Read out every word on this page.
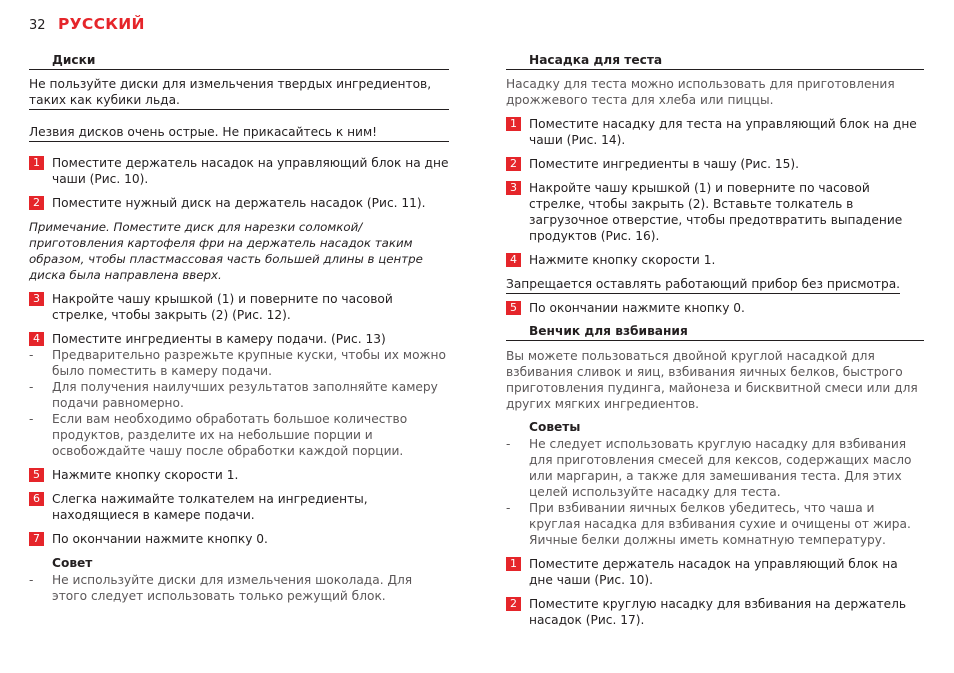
32 РУССКИЙ
Диски
Не пользуйте диски для измельчения твердых ингредиентов, таких как кубики льда.
Лезвия дисков очень острые. Не прикасайтесь к ним!
1 Поместите держатель насадок на управляющий блок на дне чаши (Рис. 10).
2 Поместите нужный диск на держатель насадок (Рис. 11).
Примечание. Поместите диск для нарезки соломкой/приготовления картофеля фри на держатель насадок таким образом, чтобы пластмассовая часть большей длины в центре диска была направлена вверх.
3 Накройте чашу крышкой (1) и поверните по часовой стрелке, чтобы закрыть (2) (Рис. 12).
4 Поместите ингредиенты в камеру подачи. (Рис. 13)
-	Предварительно разрежьте крупные куски, чтобы их можно было поместить в камеру подачи.
-	Для получения наилучших результатов заполняйте камеру подачи равномерно.
-	Если вам необходимо обработать большое количество продуктов, разделите их на небольшие порции и освобождайте чашу после обработки каждой порции.
5 Нажмите кнопку скорости 1.
6 Слегка нажимайте толкателем на ингредиенты, находящиеся в камере подачи.
7 По окончании нажмите кнопку 0.
Совет
-	Не используйте диски для измельчения шоколада. Для этого следует использовать только режущий блок.
Насадка для теста
Насадку для теста можно использовать для приготовления дрожжевого теста для хлеба или пиццы.
1 Поместите насадку для теста на управляющий блок на дне чаши (Рис. 14).
2 Поместите ингредиенты в чашу (Рис. 15).
3 Накройте чашу крышкой (1) и поверните по часовой стрелке, чтобы закрыть (2). Вставьте толкатель в загрузочное отверстие, чтобы предотвратить выпадение продуктов (Рис. 16).
4 Нажмите кнопку скорости 1.
Запрещается оставлять работающий прибор без присмотра.
5 По окончании нажмите кнопку 0.
Венчик для взбивания
Вы можете пользоваться двойной круглой насадкой для взбивания сливок и яиц, взбивания яичных белков, быстрого приготовления пудинга, майонеза и бисквитной смеси или для других мягких ингредиентов.
Советы
-	Не следует использовать круглую насадку для взбивания для приготовления смесей для кексов, содержащих масло или маргарин, а также для замешивания теста. Для этих целей используйте насадку для теста.
-	При взбивании яичных белков убедитесь, что чаша и круглая насадка для взбивания сухие и очищены от жира. Яичные белки должны иметь комнатную температуру.
1 Поместите держатель насадок на управляющий блок на дне чаши (Рис. 10).
2 Поместите круглую насадку для взбивания на держатель насадок (Рис. 17).
